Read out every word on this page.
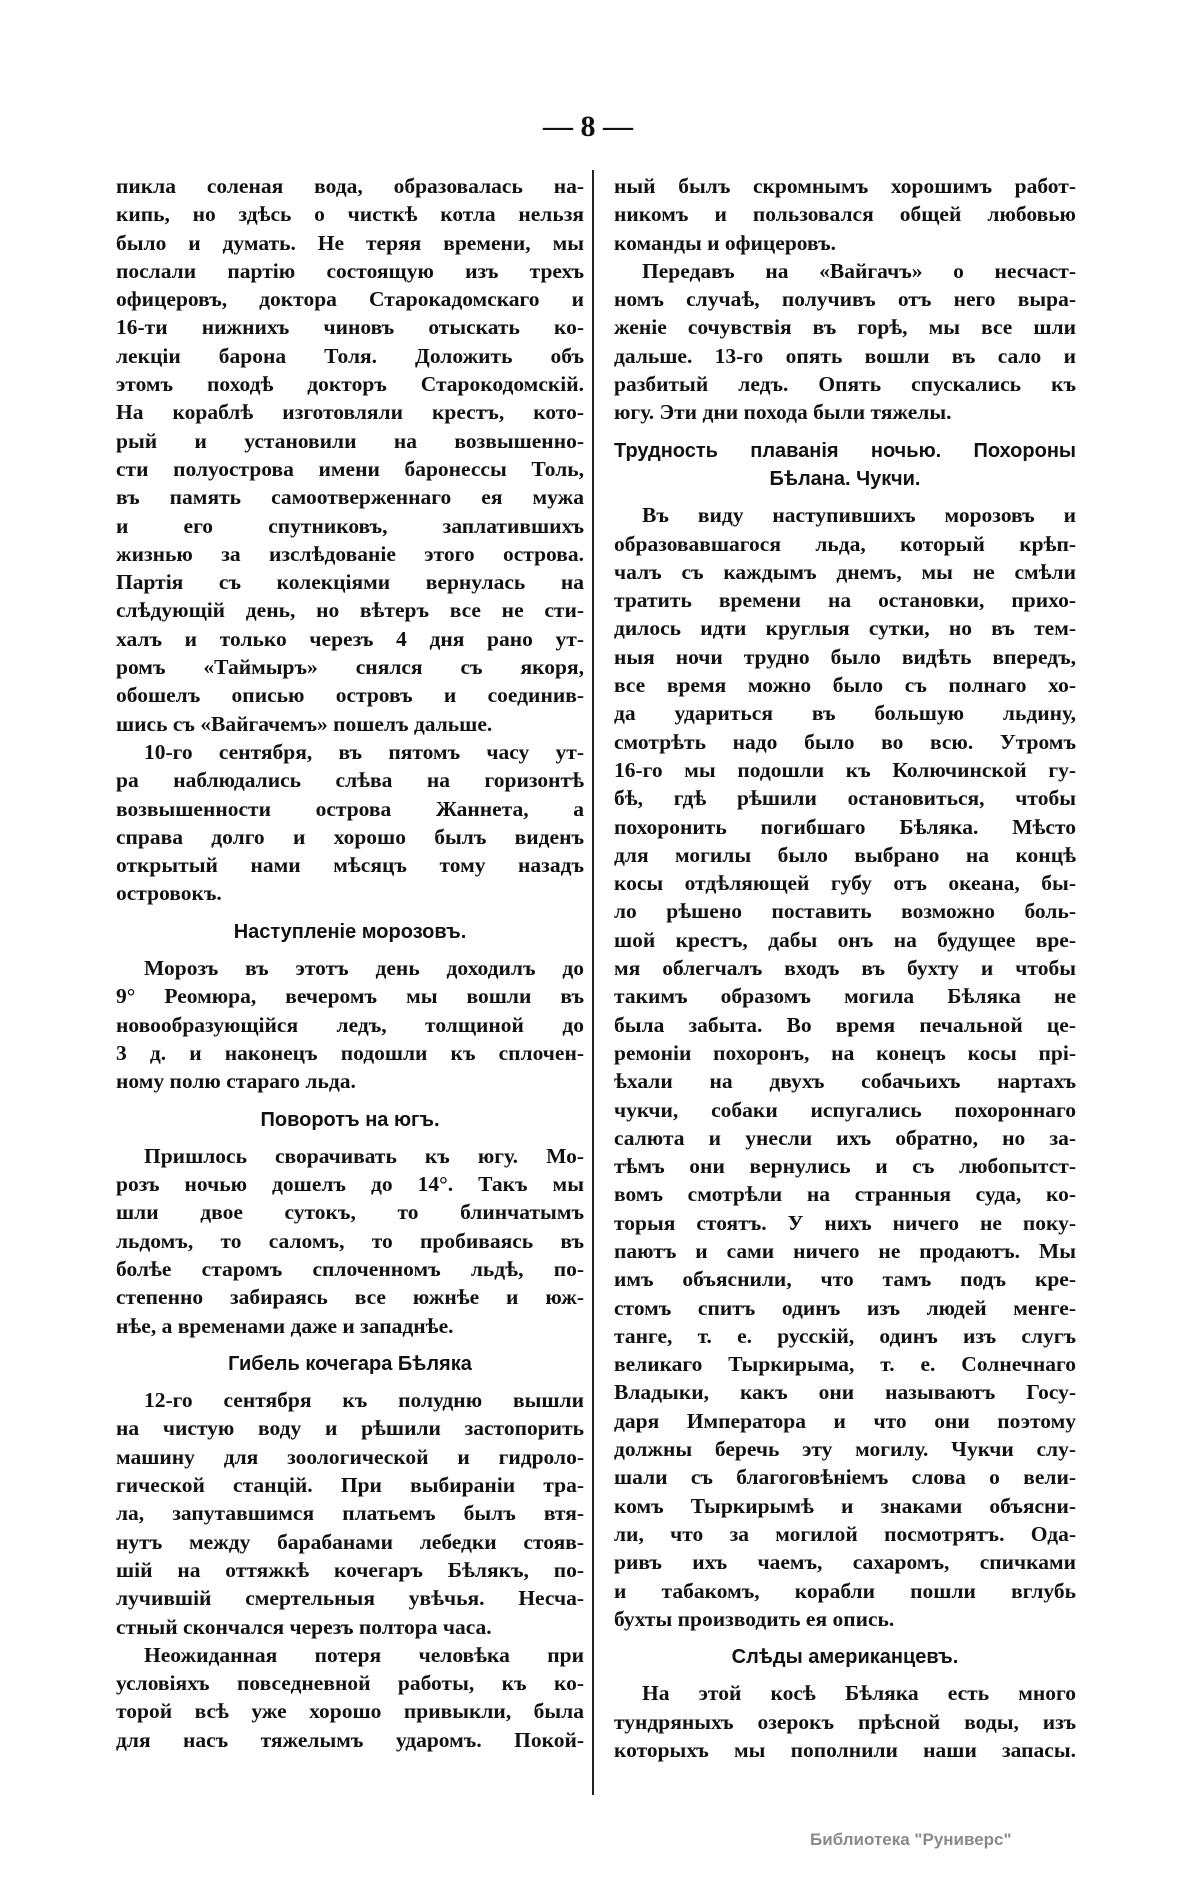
— 8 —
пикла соленая вода, образовалась на-
кипь, но здѣсь о чисткѣ котла нельзя
было и думать. Не теряя времени, мы
послали партію состоящую изъ трехъ
офицеровъ, доктора Старокадомскаго и
16-ти нижнихъ чиновъ отыскать ко-
лекціи барона Толя. Доложить объ
этомъ походѣ докторъ Старокодомскій.
На кораблѣ изготовляли крестъ, кото-
рый и установили на возвышенно-
сти полуострова имени баронессы Толь,
въ память самоотверженнаго ея мужа
и его спутниковъ, заплатившихъ
жизнью за изслѣдованіе этого острова.
Партія съ колекціями вернулась на
слѣдующій день, но вѣтеръ все не сти-
халъ и только черезъ 4 дня рано ут-
ромъ «Таймыръ» снялся съ якоря,
обошелъ описью островъ и соединив-
шись съ «Вайгачемъ» пошелъ дальше.
10-го сентября, въ пятомъ часу ут-
ра наблюдались слѣва на горизонтѣ
возвышенности острова Жаннета, а
справа долго и хорошо былъ виденъ
открытый нами мѣсяцъ тому назадъ
островокъ.
Наступленіе морозовъ.
Морозъ въ этотъ день доходилъ до
9° Реомюра, вечеромъ мы вошли въ
новообразующійся ледъ, толщиной до
3 д. и наконецъ подошли къ сплочен-
ному полю стараго льда.
Поворотъ на югъ.
Пришлось сворачивать къ югу. Мо-
розъ ночью дошелъ до 14°. Такъ мы
шли двое сутокъ, то блинчатымъ
льдомъ, то саломъ, то пробиваясь въ
болѣе старомъ сплоченномъ льдѣ, по-
степенно забираясь все южнѣе и юж-
нѣе, а временами даже и западнѣе.
Гибель кочегара Бѣляка
12-го сентября къ полудню вышли
на чистую воду и рѣшили застопорить
машину для зоологической и гидроло-
гической станцій. При выбираніи тра-
ла, запутавшимся платьемъ былъ втя-
нутъ между барабанами лебедки стояв-
шій на оттяжкѣ кочегаръ Бѣлякъ, по-
лучившій смертельныя увѣчья. Несча-
стный скончался черезъ полтора часа.
Неожиданная потеря человѣка при
условіяхъ повседневной работы, къ ко-
торой всѣ уже хорошо привыкли, была
для насъ тяжелымъ ударомъ. Покой-
ный былъ скромнымъ хорошимъ работ-
никомъ и пользовался общей любовью
команды и офицеровъ.
Передавъ на «Вайгачъ» о несчаст-
номъ случаѣ, получивъ отъ него выра-
женіе сочувствія въ горѣ, мы все шли
дальше. 13-го опять вошли въ сало и
разбитый ледъ. Опять спускались къ
югу. Эти дни похода были тяжелы.
Трудность плаванія ночью. Похороны
Бѣлана. Чукчи.
Въ виду наступившихъ морозовъ и
образовавшагося льда, который крѣп-
чалъ съ каждымъ днемъ, мы не смѣли
тратить времени на остановки, прихо-
дилось идти круглыя сутки, но въ тем-
ныя ночи трудно было видѣть впередъ,
все время можно было съ полнаго хо-
да удариться въ большую льдину,
смотрѣть надо было во всю. Утромъ
16-го мы подошли къ Колючинской гу-
бѣ, гдѣ рѣшили остановиться, чтобы
похоронить погибшаго Бѣляка. Мѣсто
для могилы было выбрано на концѣ
косы отдѣляющей губу отъ океана, бы-
ло рѣшено поставить возможно боль-
шой крестъ, дабы онъ на будущее вре-
мя облегчалъ входъ въ бухту и чтобы
такимъ образомъ могила Бѣляка не
была забыта. Во время печальной це-
ремоніи похоронъ, на конецъ косы прі-
ѣхали на двухъ собачьихъ нартахъ
чукчи, собаки испугались похороннаго
салюта и унесли ихъ обратно, но за-
тѣмъ они вернулись и съ любопытст-
вомъ смотрѣли на странныя суда, ко-
торыя стоятъ. У нихъ ничего не поку-
паютъ и сами ничего не продаютъ. Мы
имъ объяснили, что тамъ подъ кре-
стомъ спитъ одинъ изъ людей менге-
танге, т. е. русскій, одинъ изъ слугъ
великаго Тыркирыма, т. е. Солнечнаго
Владыки, какъ они называютъ Госу-
даря Императора и что они поэтому
должны беречь эту могилу. Чукчи слу-
шали съ благоговѣніемъ слова о вели-
комъ Тыркирымѣ и знаками объясни-
ли, что за могилой посмотрятъ. Ода-
ривъ ихъ чаемъ, сахаромъ, спичками
и табакомъ, корабли пошли вглубь
бухты производить ея опись.
Слѣды американцевъ.
На этой косѣ Бѣляка есть много
тундряныхъ озерокъ прѣсной воды, изъ
которыхъ мы пополнили наши запасы.
Библиотека "Руниверс"
